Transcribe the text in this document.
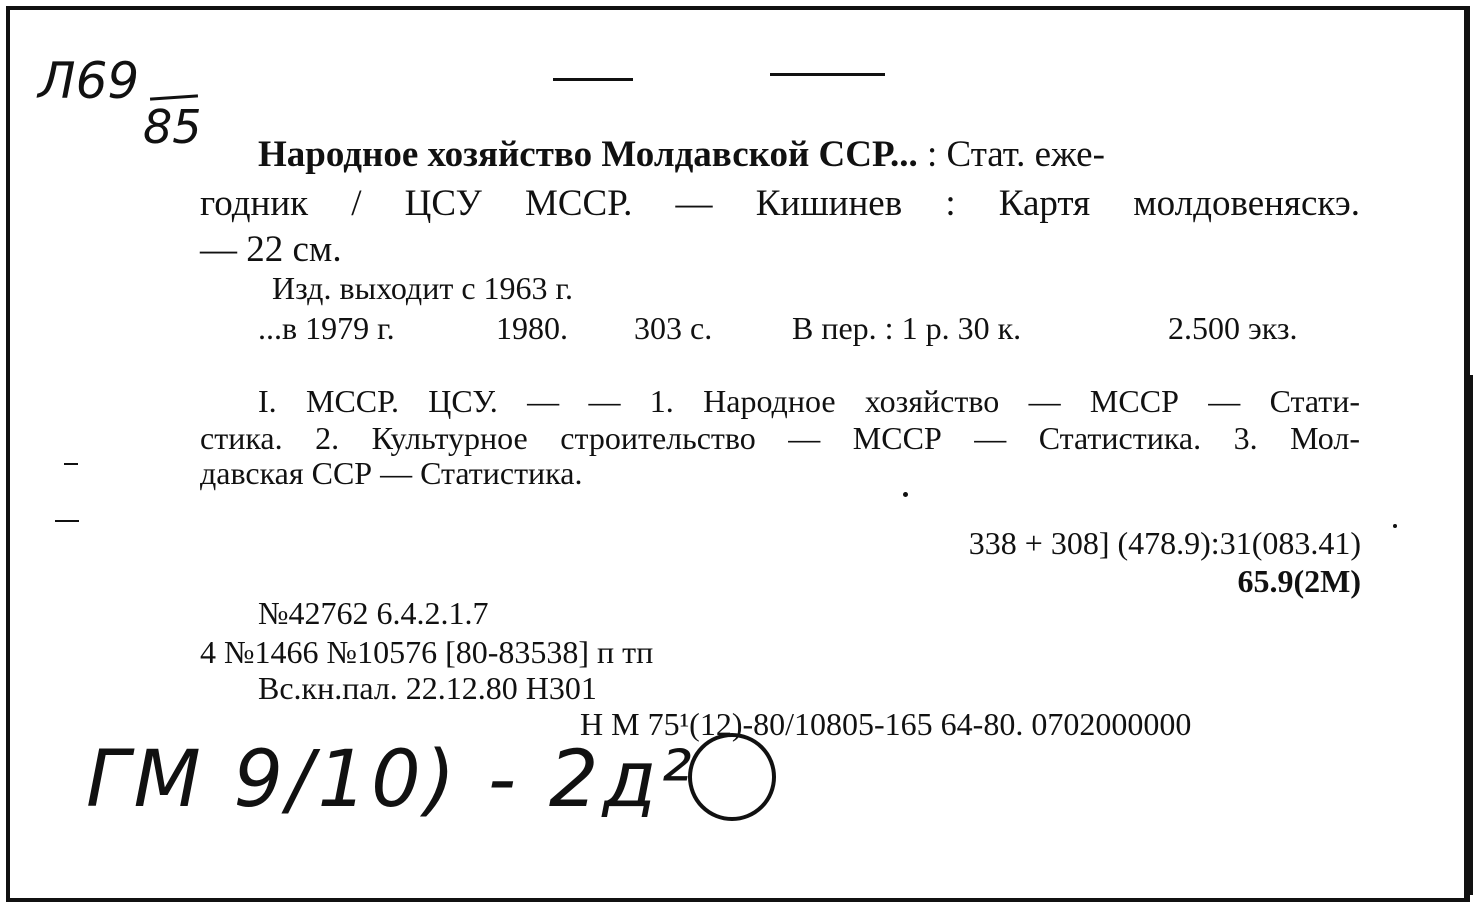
Л69
85
Народное хозяйство Молдавской ССР... : Стат. еже-
годник / ЦСУ МССР. — Кишинев : Картя молдовеняскэ.
— 22 см.
Изд. выходит с 1963 г.
...в 1979 г.	1980. 303 с. В пер. : 1 р. 30 к.	2.500 экз.
I. МССР. ЦСУ. — — 1. Народное хозяйство — МССР — Стати-
стика. 2. Культурное строительство — МССР — Статистика. 3. Мол-
давская ССР — Статистика.
338 + 308] (478.9):31(083.41)
65.9(2М)
№42762 6.4.2.1.7
4 №1466 №10576 [80-83538] п тп
Вс.кн.пал. 22.12.80 Н301
Н М 75¹(12)-80/10805-165 64-80. 0702000000
ГМ 9/10) - 2д²
